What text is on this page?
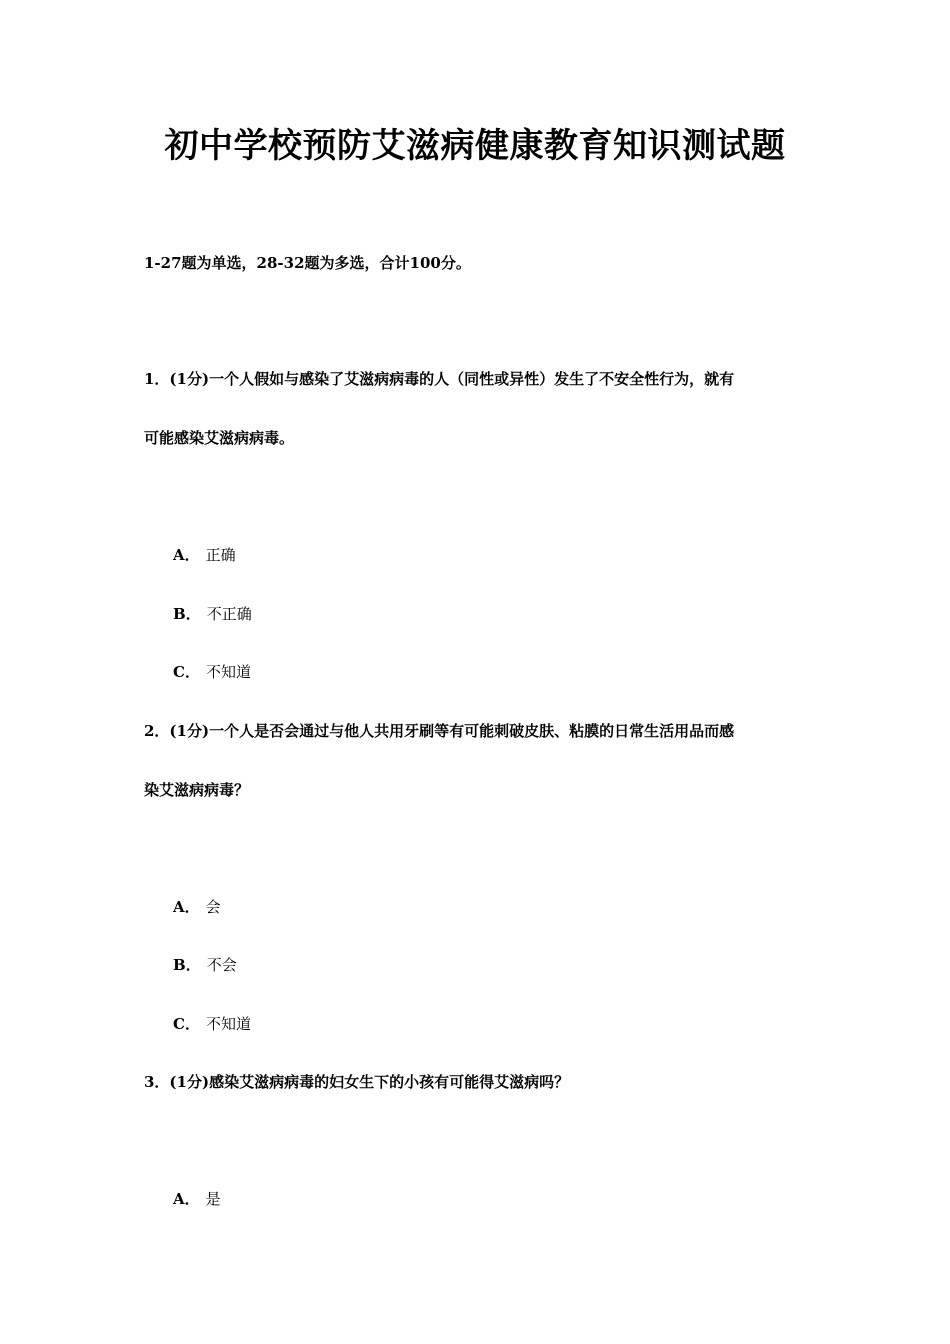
初中学校预防艾滋病健康教育知识测试题
1-27题为单选，28-32题为多选，合计100分。
1．(1分)一个人假如与感染了艾滋病病毒的人（同性或异性）发生了不安全性行为，就有
可能感染艾滋病病毒。
A． 正确
B． 不正确
C． 不知道
2．(1分)一个人是否会通过与他人共用牙刷等有可能刺破皮肤、粘膜的日常生活用品而感
染艾滋病病毒？
A． 会
B． 不会
C． 不知道
3．(1分)感染艾滋病病毒的妇女生下的小孩有可能得艾滋病吗？
A． 是
